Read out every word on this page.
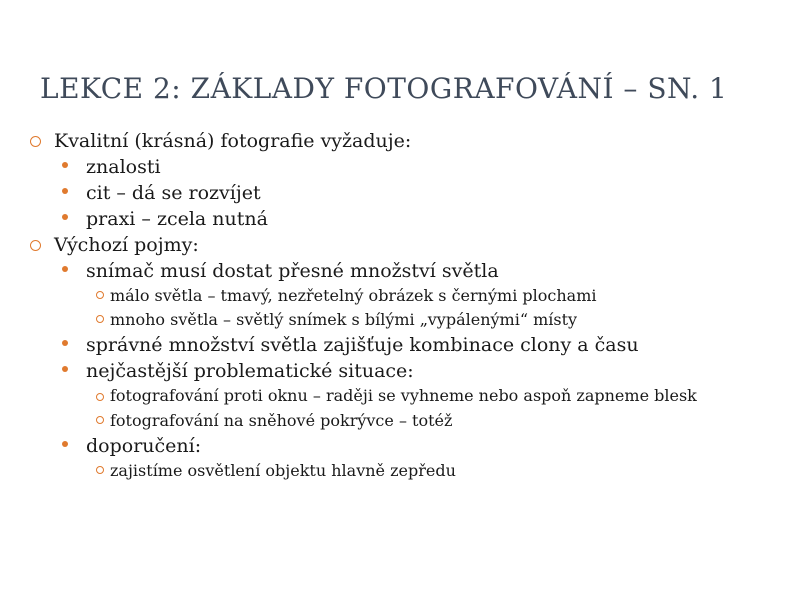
LEKCE 2: ZÁKLADY FOTOGRAFOVÁNÍ – SN. 1
Kvalitní (krásná) fotografie vyžaduje:
znalosti
cit – dá se rozvíjet
praxi – zcela nutná
Výchozí pojmy:
snímač musí dostat přesné množství světla
málo světla – tmavý, nezřetelný obrázek s černými plochami
mnoho světla – světlý snímek s bílými „vypálenými“ místy
správné množství světla zajišťuje kombinace clony a času
nejčastější problematické situace:
fotografování proti oknu – raději se vyhneme nebo aspoň zapneme blesk
fotografování na sněhové pokrývce – totéž
doporučení:
zajistíme osvětlení objektu hlavně zepředu
